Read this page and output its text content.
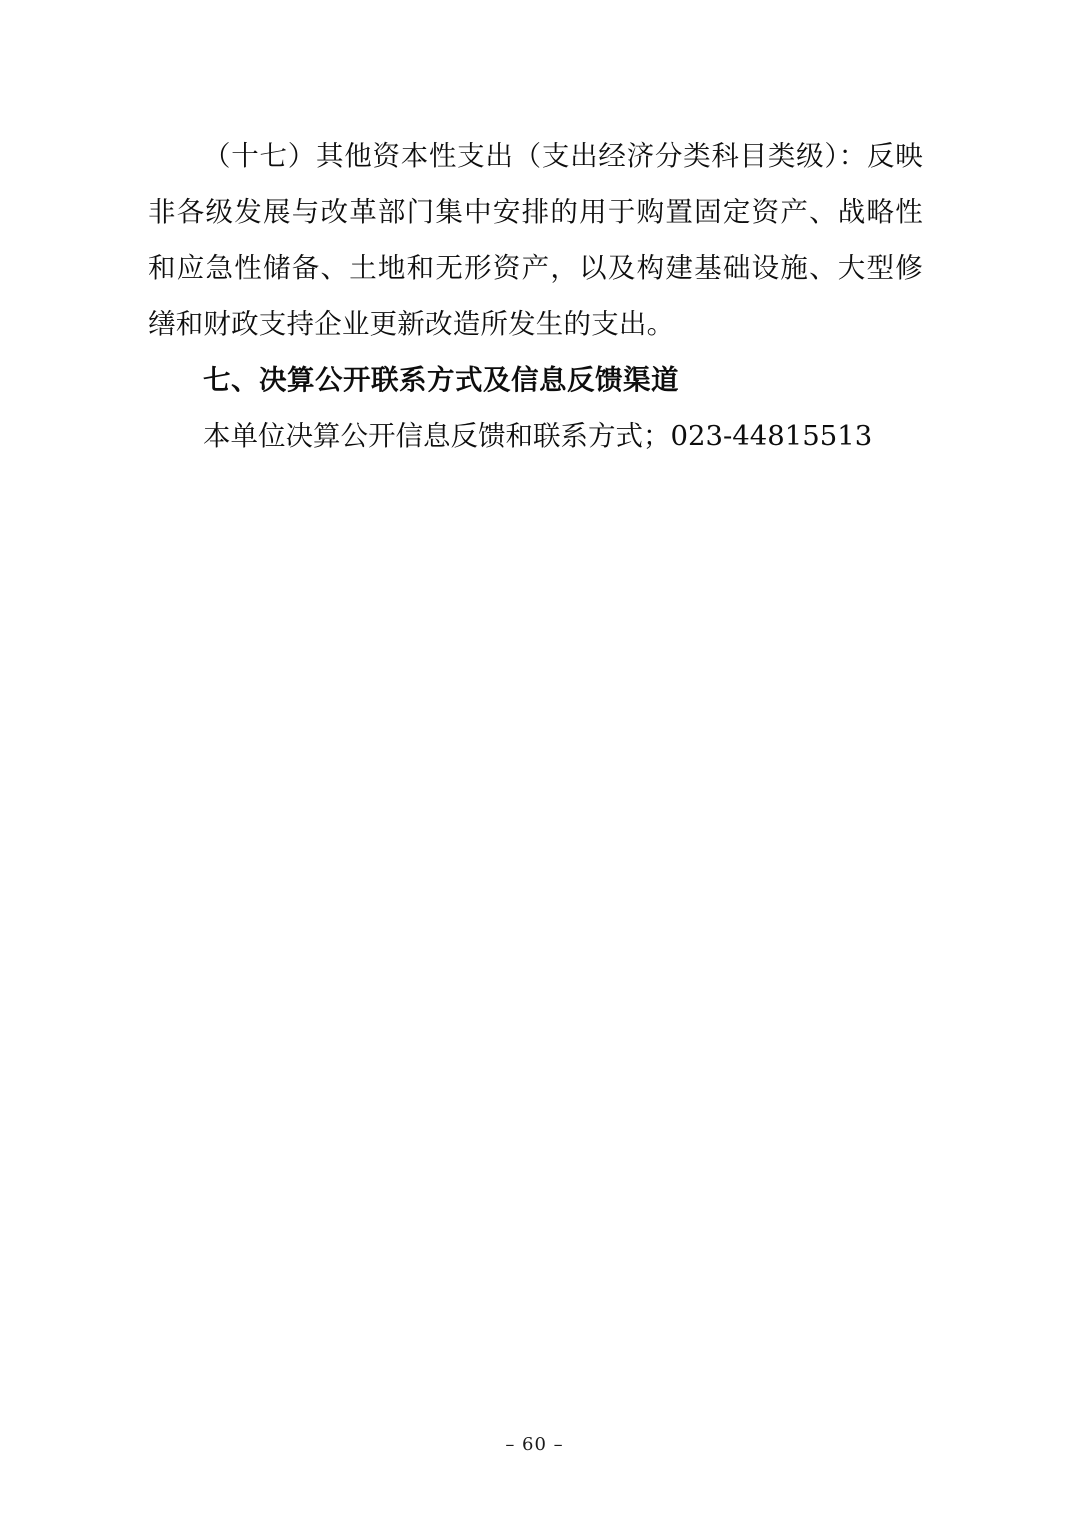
（十七）其他资本性支出（支出经济分类科目类级）：反映非各级发展与改革部门集中安排的用于购置固定资产、战略性和应急性储备、土地和无形资产，以及构建基础设施、大型修缮和财政支持企业更新改造所发生的支出。

七、决算公开联系方式及信息反馈渠道

本单位决算公开信息反馈和联系方式；023-44815513

– 60 –
